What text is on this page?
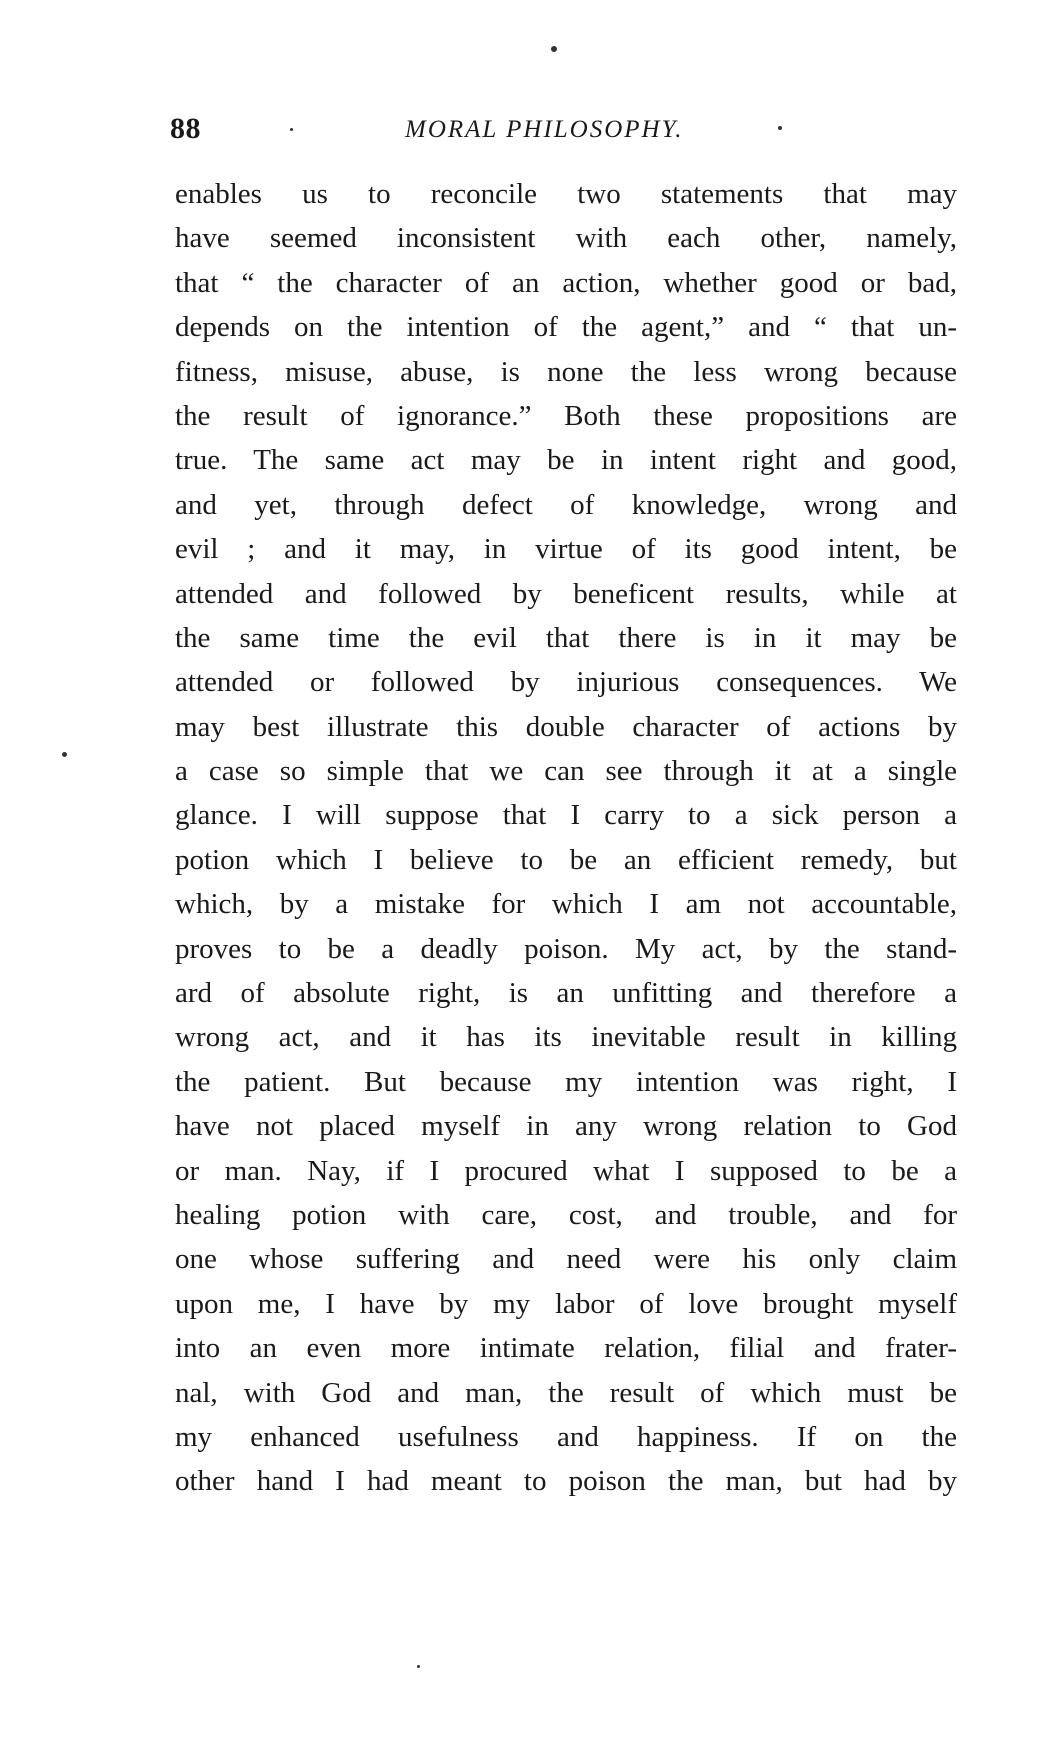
88	MORAL PHILOSOPHY.
enables us to reconcile two statements that may
have seemed inconsistent with each other, namely,
that “ the character of an action, whether good or bad,
depends on the intention of the agent,” and “ that un-
fitness, misuse, abuse, is none the less wrong because
the result of ignorance.” Both these propositions are
true. The same act may be in intent right and good,
and yet, through defect of knowledge, wrong and
evil ; and it may, in virtue of its good intent, be
attended and followed by beneficent results, while at
the same time the evil that there is in it may be
attended or followed by injurious consequences. We
may best illustrate this double character of actions by
a case so simple that we can see through it at a single
glance. I will suppose that I carry to a sick person a
potion which I believe to be an efficient remedy, but
which, by a mistake for which I am not accountable,
proves to be a deadly poison. My act, by the stand-
ard of absolute right, is an unfitting and therefore a
wrong act, and it has its inevitable result in killing
the patient. But because my intention was right, I
have not placed myself in any wrong relation to God
or man. Nay, if I procured what I supposed to be a
healing potion with care, cost, and trouble, and for
one whose suffering and need were his only claim
upon me, I have by my labor of love brought myself
into an even more intimate relation, filial and frater-
nal, with God and man, the result of which must be
my enhanced usefulness and happiness. If on the
other hand I had meant to poison the man, but had by
